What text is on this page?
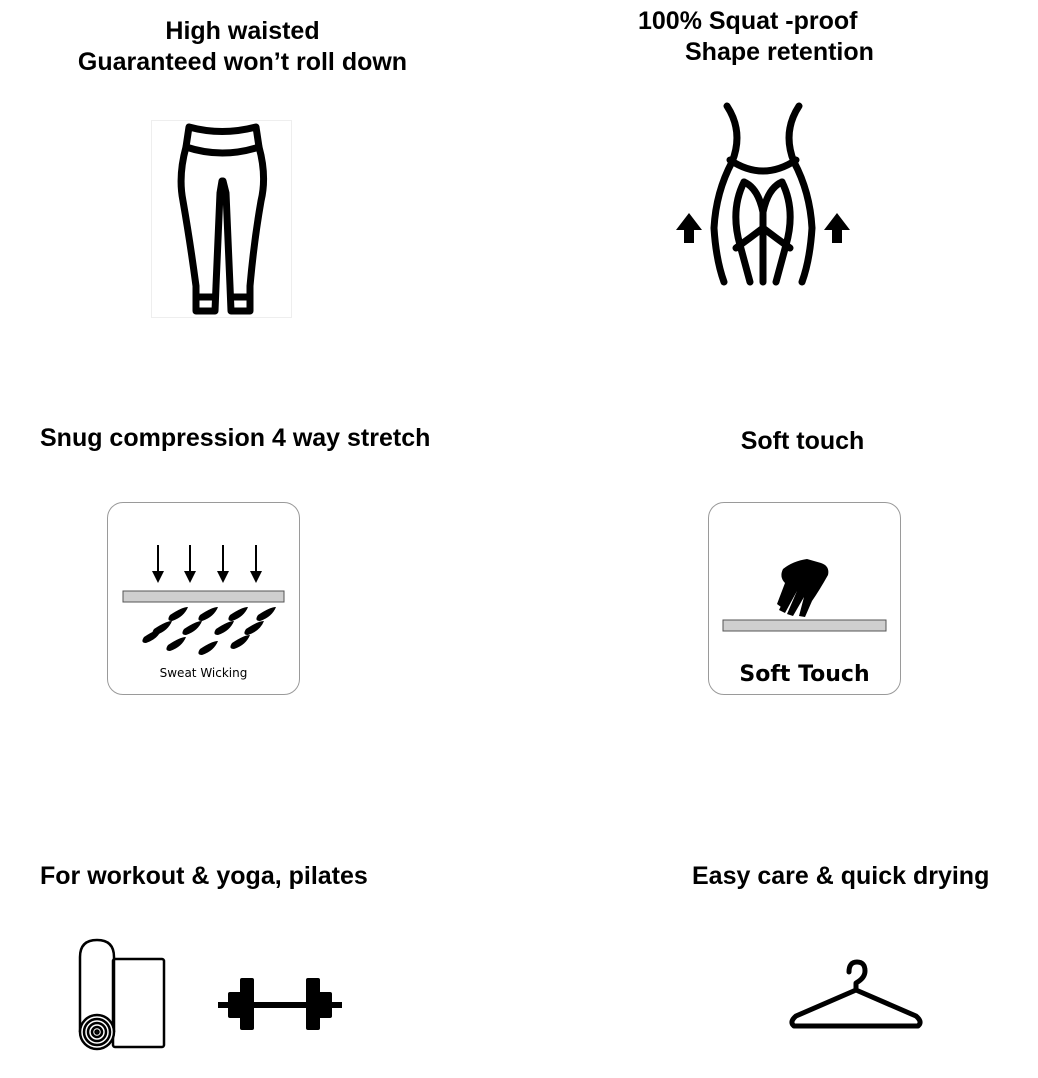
High waisted
Guaranteed won’t roll down
100% Squat -proof
Shape retention
Snug compression 4 way stretch
Sweat Wicking
Soft touch
Soft Touch
For workout & yoga, pilates	Easy care & quick drying
